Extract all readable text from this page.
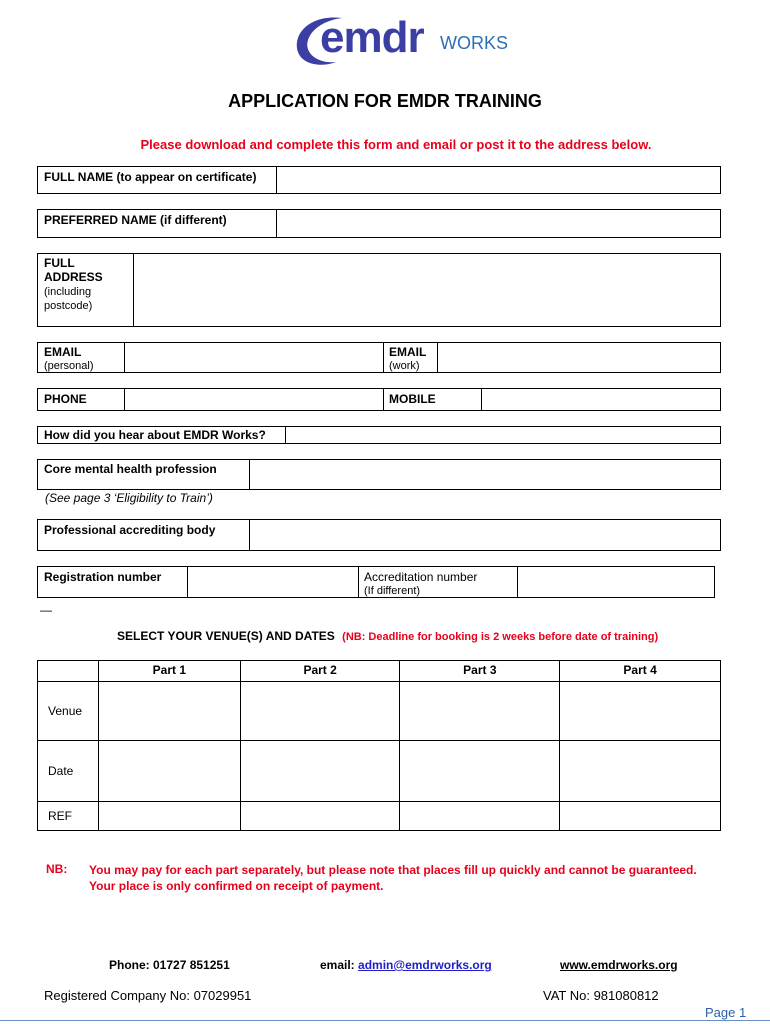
emdr WORKS
APPLICATION FOR EMDR TRAINING
Please download and complete this form and email or post it to the address below.
FULL NAME (to appear on certificate)
PREFERRED NAME (if different)
FULL ADDRESS
(including postcode)
EMAIL
(personal)
EMAIL
(work)
PHONE	MOBILE
How did you hear about EMDR Works?
Core mental health profession
(See page 3 ‘Eligibility to Train’)
Professional accrediting body
Registration number	Accreditation number
(If different)
—
SELECT YOUR VENUE(S) AND DATES (NB: Deadline for booking is 2 weeks before date of training)
	Part 1	Part 2	Part 3	Part 4
Venue				
Date				
REF				
NB: You may pay for each part separately, but please note that places fill up quickly and cannot be guaranteed.
Your place is only confirmed on receipt of payment.
Phone: 01727 851251	email: admin@emdrworks.org	www.emdrworks.org
Registered Company No: 07029951	VAT No: 981080812
Page 1
